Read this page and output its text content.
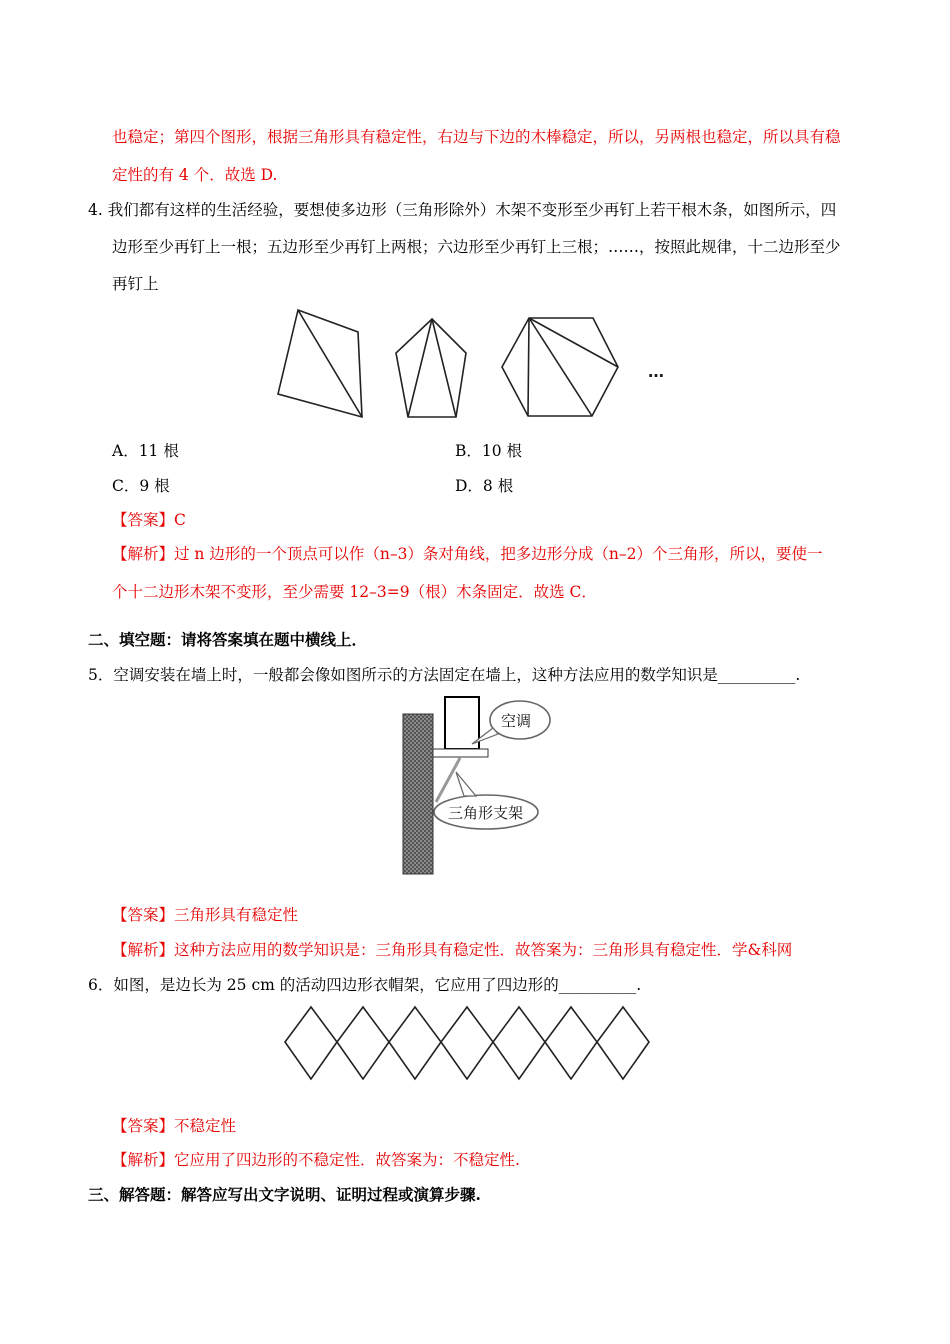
也稳定；第四个图形，根据三角形具有稳定性，右边与下边的木棒稳定，所以，另两根也稳定，所以具有稳
定性的有 4 个．故选 D.
4. 我们都有这样的生活经验，要想使多边形（三角形除外）木架不变形至少再钉上若干根木条，如图所示，四
边形至少再钉上一根；五边形至少再钉上两根；六边形至少再钉上三根；……，按照此规律，十二边形至少
再钉上
…
A．11 根	B．10 根
C．9 根	D．8 根
【答案】C
【解析】过 n 边形的一个顶点可以作（n–3）条对角线，把多边形分成（n–2）个三角形，所以，要使一
个十二边形木架不变形，至少需要 12–3=9（根）木条固定．故选 C．
二、填空题：请将答案填在题中横线上．
5．空调安装在墙上时，一般都会像如图所示的方法固定在墙上，这种方法应用的数学知识是__________.
空调
三角形支架
【答案】三角形具有稳定性
【解析】这种方法应用的数学知识是：三角形具有稳定性．故答案为：三角形具有稳定性．学&科网
6．如图，是边长为 25 cm 的活动四边形衣帽架，它应用了四边形的__________.
【答案】不稳定性
【解析】它应用了四边形的不稳定性．故答案为：不稳定性.
三、解答题：解答应写出文字说明、证明过程或演算步骤.
